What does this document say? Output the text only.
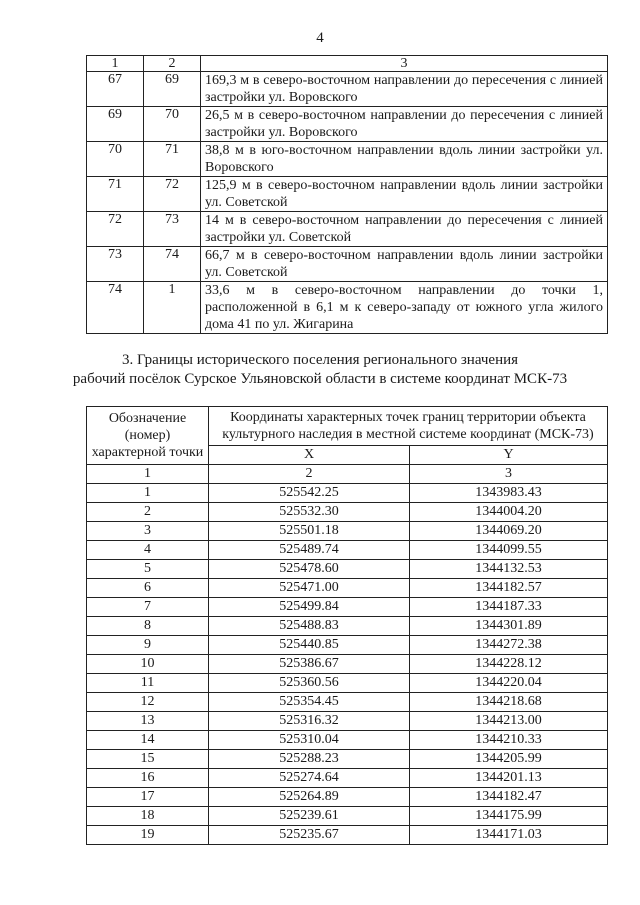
4
1	2	3
67	69	169,3 м в северо-восточном направлении до пересечения с линией застройки ул. Воровского
69	70	26,5 м в северо-восточном направлении до пересечения с линией застройки ул. Воровского
70	71	38,8 м в юго-восточном направлении вдоль линии застройки ул. Воровского
71	72	125,9 м в северо-восточном направлении вдоль линии застройки ул. Советской
72	73	14 м в северо-восточном направлении до пересечения с линией застройки ул. Советской
73	74	66,7 м в северо-восточном направлении вдоль линии застройки ул. Советской
74	1	33,6 м в северо-восточном направлении до точки 1, расположенной в 6,1 м к северо-западу от южного угла жилого дома 41 по ул. Жигарина
3. Границы исторического поселения регионального значения
рабочий посёлок Сурское Ульяновской области в системе координат МСК-73
Обозначение (номер) характерной точки	Координаты характерных точек границ территории объекта культурного наследия в местной системе координат (МСК-73)	
	X	Y
1	2	3
1	525542.25	1343983.43
2	525532.30	1344004.20
3	525501.18	1344069.20
4	525489.74	1344099.55
5	525478.60	1344132.53
6	525471.00	1344182.57
7	525499.84	1344187.33
8	525488.83	1344301.89
9	525440.85	1344272.38
10	525386.67	1344228.12
11	525360.56	1344220.04
12	525354.45	1344218.68
13	525316.32	1344213.00
14	525310.04	1344210.33
15	525288.23	1344205.99
16	525274.64	1344201.13
17	525264.89	1344182.47
18	525239.61	1344175.99
19	525235.67	1344171.03
